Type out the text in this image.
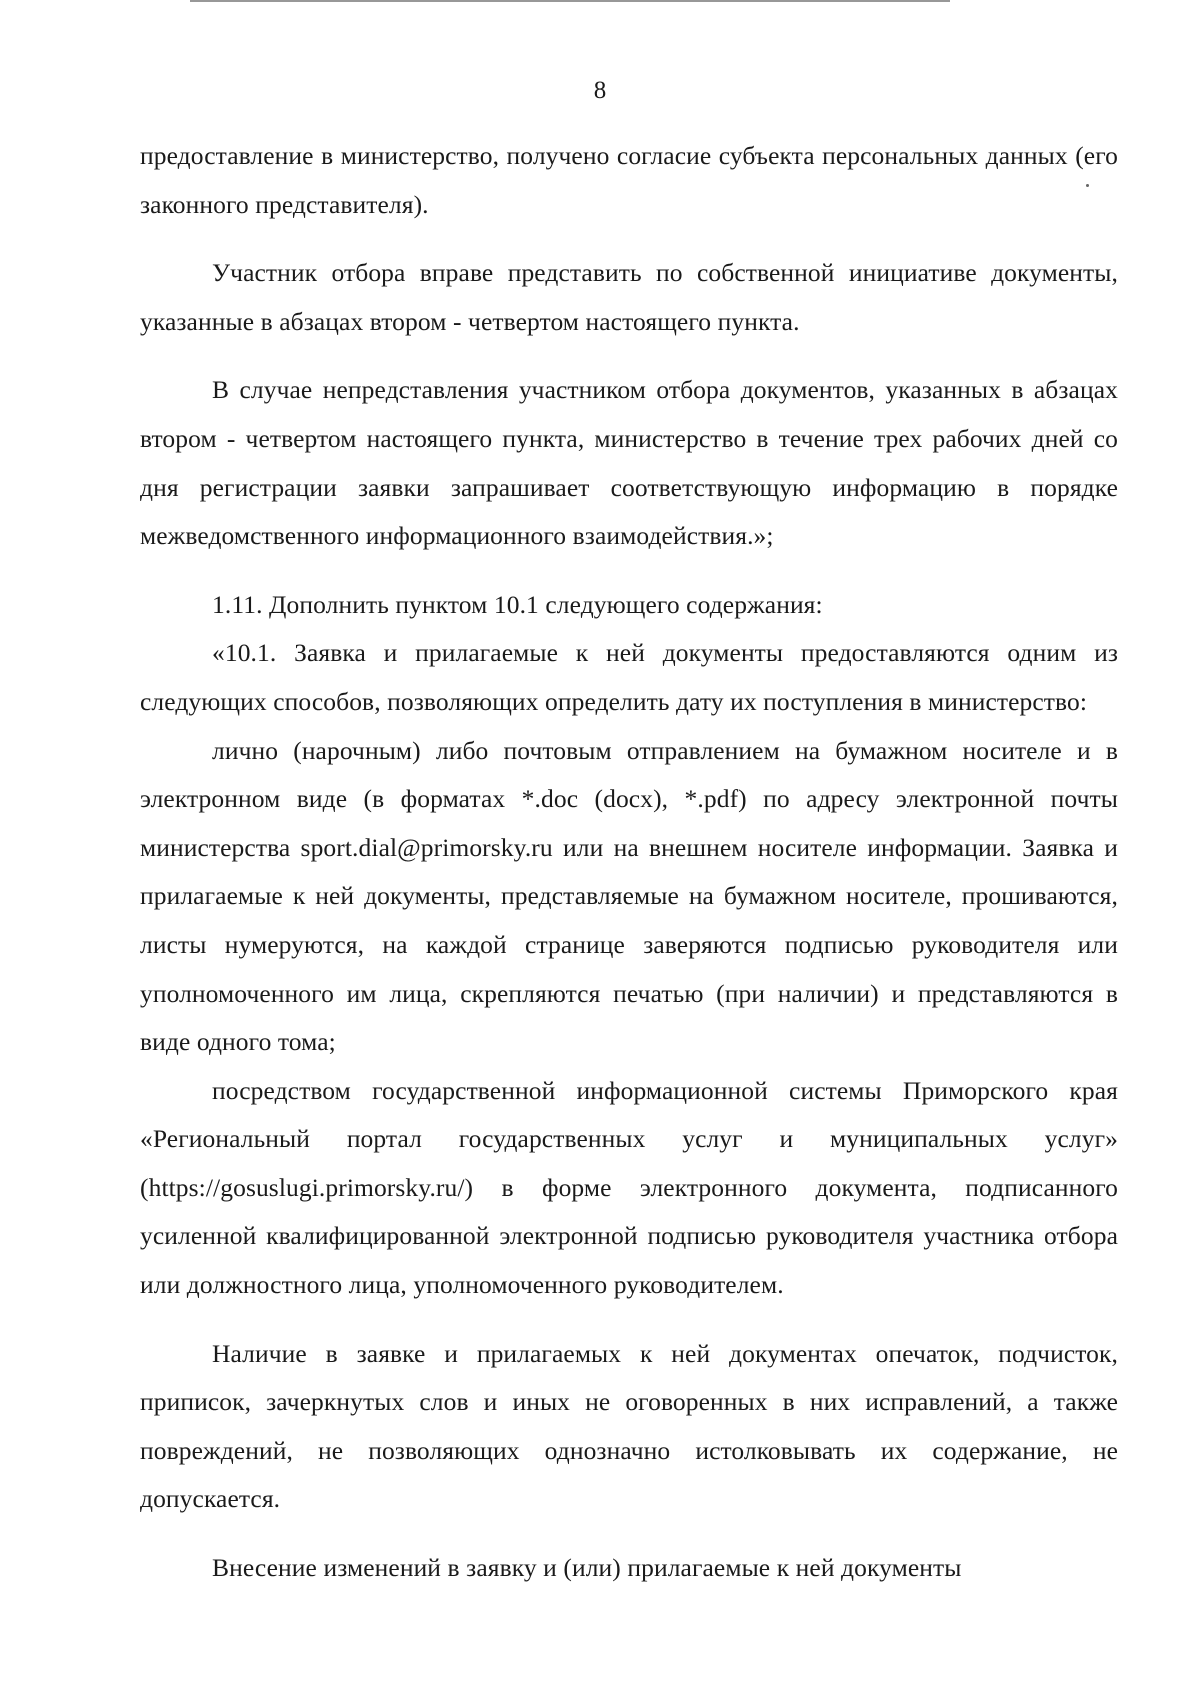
8

предоставление в министерство, получено согласие субъекта персональных данных (его законного представителя).

Участник отбора вправе представить по собственной инициативе документы, указанные в абзацах втором - четвертом настоящего пункта.

В случае непредставления участником отбора документов, указанных в абзацах втором - четвертом настоящего пункта, министерство в течение трех рабочих дней со дня регистрации заявки запрашивает соответствующую информацию в порядке межведомственного информационного взаимодействия.»;

1.11. Дополнить пунктом 10.1 следующего содержания:

«10.1. Заявка и прилагаемые к ней документы предоставляются одним из следующих способов, позволяющих определить дату их поступления в министерство:

лично (нарочным) либо почтовым отправлением на бумажном носителе и в электронном виде (в форматах *.doc (docx), *.pdf) по адресу электронной почты министерства sport.dial@primorsky.ru или на внешнем носителе информации. Заявка и прилагаемые к ней документы, представляемые на бумажном носителе, прошиваются, листы нумеруются, на каждой странице заверяются подписью руководителя или уполномоченного им лица, скрепляются печатью (при наличии) и представляются в виде одного тома;

посредством государственной информационной системы Приморского края «Региональный портал государственных услуг и муниципальных услуг» (https://gosuslugi.primorsky.ru/) в форме электронного документа, подписанного усиленной квалифицированной электронной подписью руководителя участника отбора или должностного лица, уполномоченного руководителем.

Наличие в заявке и прилагаемых к ней документах опечаток, подчисток, приписок, зачеркнутых слов и иных не оговоренных в них исправлений, а также повреждений, не позволяющих однозначно истолковывать их содержание, не допускается.

Внесение изменений в заявку и (или) прилагаемые к ней документы
